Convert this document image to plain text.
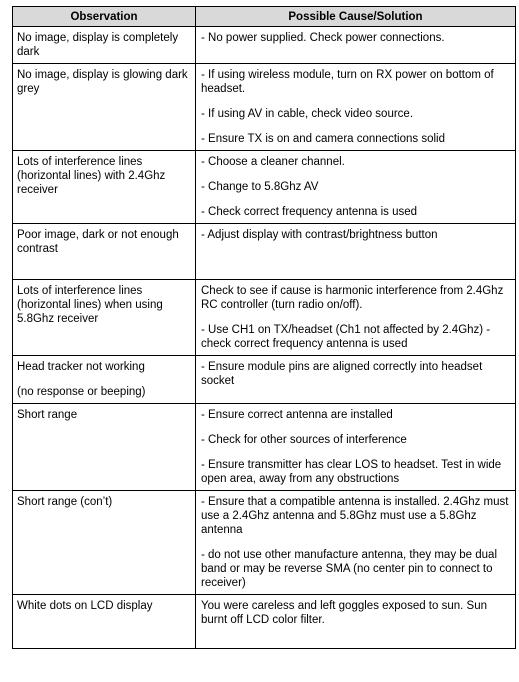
Observation	Possible Cause/Solution

No image, display is completely dark	- No power supplied. Check power connections.

No image, display is glowing dark grey	- If using wireless module, turn on RX power on bottom of headset.
- If using AV in cable, check video source.
- Ensure TX is on and camera connections solid

Lots of interference lines (horizontal lines) with 2.4Ghz receiver	- Choose a cleaner channel.
- Change to 5.8Ghz AV
- Check correct frequency antenna is used

Poor image, dark or not enough contrast	- Adjust display with contrast/brightness button

Lots of interference lines (horizontal lines) when using 5.8Ghz receiver	Check to see if cause is harmonic interference from 2.4Ghz RC controller (turn radio on/off).
- Use CH1 on TX/headset (Ch1 not affected by 2.4Ghz) - check correct frequency antenna is used

Head tracker not working
(no response or beeping)	- Ensure module pins are aligned correctly into headset socket

Short range	- Ensure correct antenna are installed
- Check for other sources of interference
- Ensure transmitter has clear LOS to headset. Test in wide open area, away from any obstructions

Short range (con’t)	- Ensure that a compatible antenna is installed. 2.4Ghz must use a 2.4Ghz antenna and 5.8Ghz must use a 5.8Ghz antenna
- do not use other manufacture antenna, they may be dual band or may be reverse SMA (no center pin to connect to receiver)

White dots on LCD display	You were careless and left goggles exposed to sun. Sun burnt off LCD color filter.
